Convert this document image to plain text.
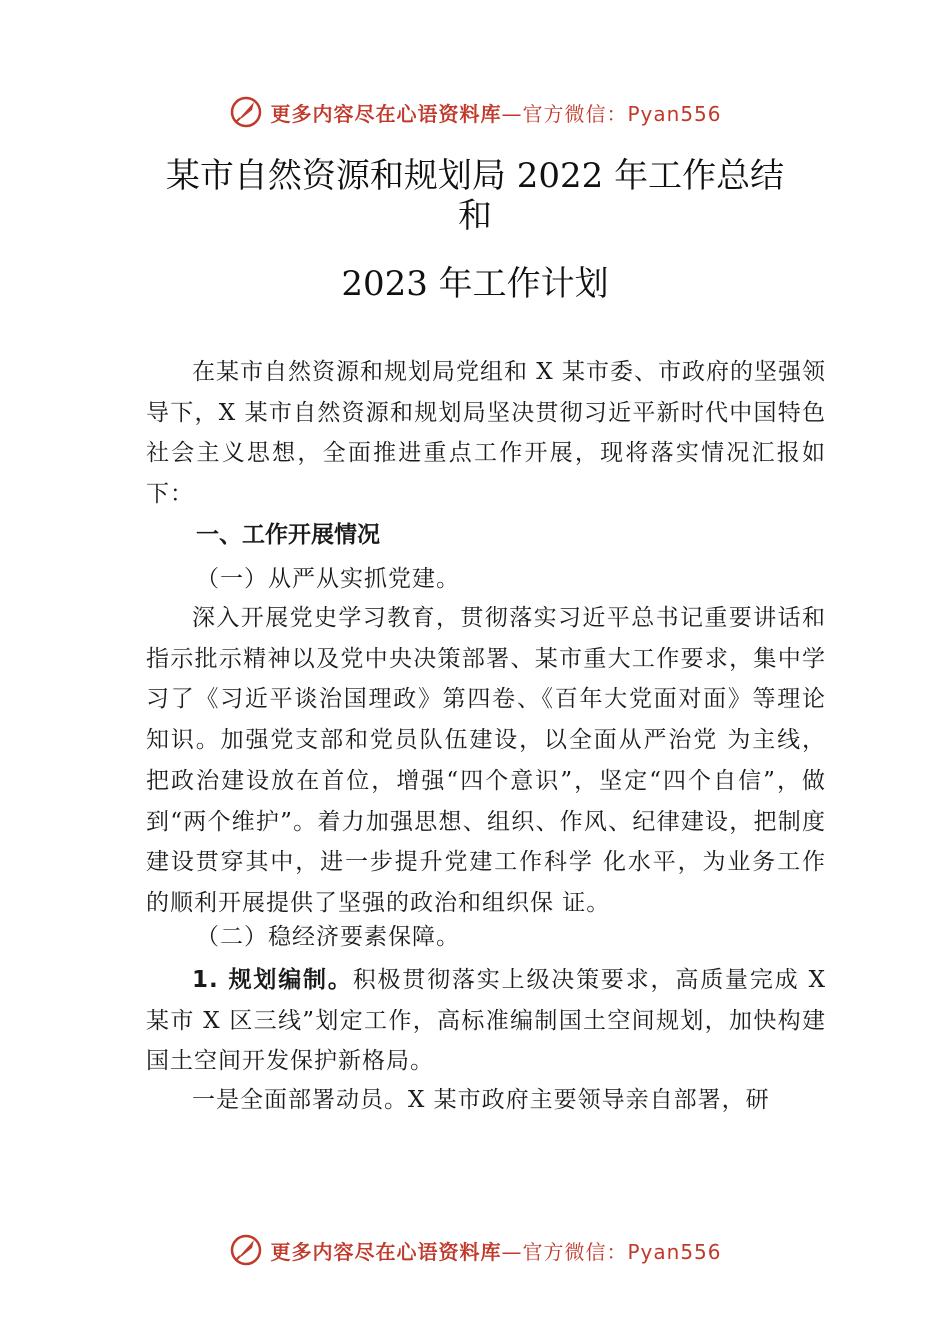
更多内容尽在心语资料库—官方微信：Pyan556
某市自然资源和规划局 2022 年工作总结
和
2023 年工作计划
在某市自然资源和规划局党组和 X 某市委、市政府的坚强领导下，X 某市自然资源和规划局坚决贯彻习近平新时代中国特色社会主义思想，全面推进重点工作开展，现将落实情况汇报如下：
一、工作开展情况
（一）从严从实抓党建。
深入开展党史学习教育，贯彻落实习近平总书记重要讲话和指示批示精神以及党中央决策部署、某市重大工作要求，集中学习了《习近平谈治国理政》第四卷、《百年大党面对面》等理论知识。加强党支部和党员队伍建设，以全面从严治党 为主线，把政治建设放在首位，增强“四个意识”，坚定“四个自信”，做到“两个维护”。着力加强思想、组织、作风、纪律建设，把制度建设贯穿其中，进一步提升党建工作科学 化水平，为业务工作的顺利开展提供了坚强的政治和组织保 证。
（二）稳经济要素保障。
1. 规划编制。积极贯彻落实上级决策要求，高质量完成 X 某市 X 区三线”划定工作，高标准编制国土空间规划，加快构建国土空间开发保护新格局。
一是全面部署动员。X 某市政府主要领导亲自部署，研
更多内容尽在心语资料库—官方微信：Pyan556
